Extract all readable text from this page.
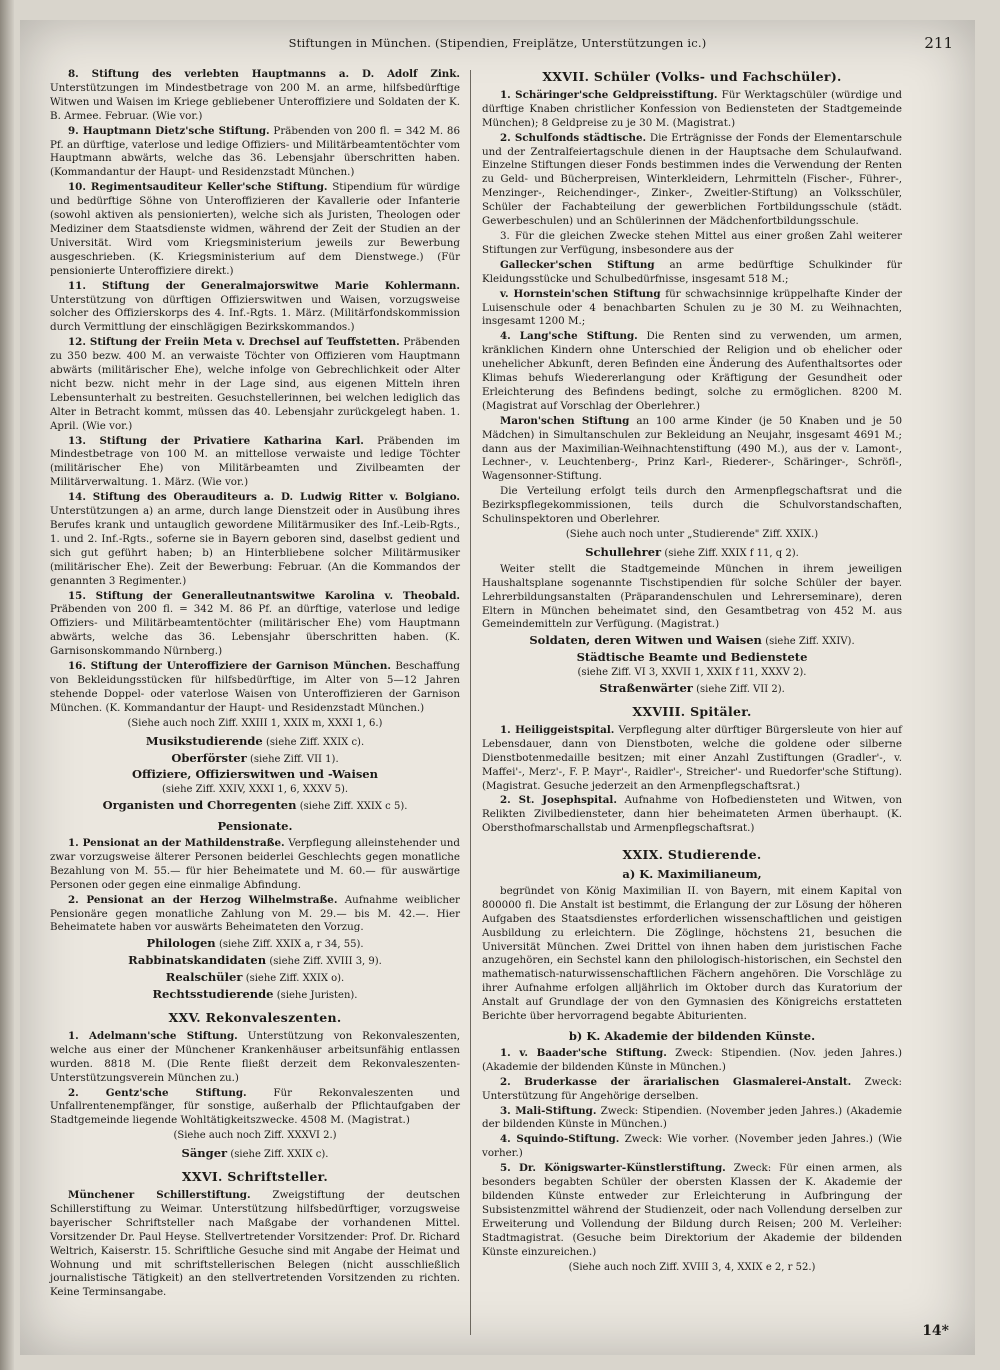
Stiftungen in München. (Stipendien, Freiplätze, Unterstützungen ic.)	211

8. Stiftung des verlebten Hauptmanns a. D. Adolf Zink. Unterstützungen im Mindestbetrage von 200 M. an arme, hilfsbedürftige Witwen und Waisen im Kriege gebliebener Unteroffiziere und Soldaten der K. B. Armee. Februar. (Wie vor.)

9. Hauptmann Dietz'sche Stiftung. Präbenden von 200 fl. = 342 M. 86 Pf. an dürftige, vaterlose und ledige Offiziers- und Militärbeamtentöchter vom Hauptmann abwärts, welche das 36. Lebensjahr überschritten haben. (Kommandantur der Haupt- und Residenzstadt München.)

10. Regimentsauditeur Keller'sche Stiftung. Stipendium für würdige und bedürftige Söhne von Unteroffizieren der Kavallerie oder Infanterie (sowohl aktiven als pensionierten), welche sich als Juristen, Theologen oder Mediziner dem Staatsdienste widmen, während der Zeit der Studien an der Universität. Wird vom Kriegsministerium jeweils zur Bewerbung ausgeschrieben. (K. Kriegsministerium auf dem Dienstwege.) (Für pensionierte Unteroffiziere direkt.)

11. Stiftung der Generalmajorswitwe Marie Kohlermann. Unterstützung von dürftigen Offizierswitwen und Waisen, vorzugsweise solcher des Offizierskorps des 4. Inf.-Rgts. 1. März. (Militärfondskommission durch Vermittlung der einschlägigen Bezirkskommandos.)

12. Stiftung der Freiin Meta v. Drechsel auf Teuffstetten. Präbenden zu 350 bezw. 400 M. an verwaiste Töchter von Offizieren vom Hauptmann abwärts (militärischer Ehe), welche infolge von Gebrechlichkeit oder Alter nicht bezw. nicht mehr in der Lage sind, aus eigenen Mitteln ihren Lebensunterhalt zu bestreiten. Gesuchstellerinnen, bei welchen lediglich das Alter in Betracht kommt, müssen das 40. Lebensjahr zurückgelegt haben. 1. April. (Wie vor.)

13. Stiftung der Privatiere Katharina Karl. Präbenden im Mindestbetrage von 100 M. an mittellose verwaiste und ledige Töchter (militärischer Ehe) von Militärbeamten und Zivilbeamten der Militärverwaltung. 1. März. (Wie vor.)

14. Stiftung des Oberauditeurs a. D. Ludwig Ritter v. Bolgiano. Unterstützungen a) an arme, durch lange Dienstzeit oder in Ausübung ihres Berufes krank und untauglich gewordene Militärmusiker des Inf.-Leib-Rgts., 1. und 2. Inf.-Rgts., soferne sie in Bayern geboren sind, daselbst gedient und sich gut geführt haben; b) an Hinterbliebene solcher Militärmusiker (militärischer Ehe). Zeit der Bewerbung: Februar. (An die Kommandos der genannten 3 Regimenter.)

15. Stiftung der Generalleutnantswitwe Karolina v. Theobald. Präbenden von 200 fl. = 342 M. 86 Pf. an dürftige, vaterlose und ledige Offiziers- und Militärbeamtentöchter (militärischer Ehe) vom Hauptmann abwärts, welche das 36. Lebensjahr überschritten haben. (K. Garnisonskommando Nürnberg.)

16. Stiftung der Unteroffiziere der Garnison München. Beschaffung von Bekleidungsstücken für hilfsbedürftige, im Alter von 5—12 Jahren stehende Doppel- oder vaterlose Waisen von Unteroffizieren der Garnison München. (K. Kommandantur der Haupt- und Residenzstadt München.)

(Siehe auch noch Ziff. XXIII 1, XXIX m, XXXI 1, 6.)
Musikstudierende (siehe Ziff. XXIX c).
Oberförster (siehe Ziff. VII 1).
Offiziere, Offizierswitwen und -Waisen
(siehe Ziff. XXIV, XXXI 1, 6, XXXV 5).
Organisten und Chorregenten (siehe Ziff. XXIX c 5).
Pensionate.

1. Pensionat an der Mathildenstraße. Verpflegung alleinstehender und zwar vorzugsweise älterer Personen beiderlei Geschlechts gegen monatliche Bezahlung von M. 55.— für hier Beheimatete und M. 60.— für auswärtige Personen oder gegen eine einmalige Abfindung.

2. Pensionat an der Herzog Wilhelmstraße. Aufnahme weiblicher Pensionäre gegen monatliche Zahlung von M. 29.— bis M. 42.—. Hier Beheimatete haben vor auswärts Beheimateten den Vorzug.

Philologen (siehe Ziff. XXIX a, r 34, 55).
Rabbinatskandidaten (siehe Ziff. XVIII 3, 9).
Realschüler (siehe Ziff. XXIX o).
Rechtsstudierende (siehe Juristen).
XXV. Rekonvaleszenten.

1. Adelmann'sche Stiftung. Unterstützung von Rekonvaleszenten, welche aus einer der Münchener Krankenhäuser arbeitsunfähig entlassen wurden. 8818 M. (Die Rente fließt derzeit dem Rekonvaleszenten-Unterstützungsverein München zu.)

2. Gentz'sche Stiftung.	Für Rekonvaleszenten und Unfallrentenempfänger, für sonstige, außerhalb der Pflichtaufgaben der Stadtgemeinde liegende Wohltätigkeitszwecke. 4508 M. (Magistrat.)

(Siehe auch noch Ziff. XXXVI 2.)
Sänger (siehe Ziff. XXIX c).
XXVI. Schriftsteller.

Münchener Schillerstiftung. Zweigstiftung der deutschen Schillerstiftung zu Weimar. Unterstützung hilfsbedürftiger, vorzugsweise bayerischer Schriftsteller nach Maßgabe der vorhandenen Mittel. Vorsitzender Dr. Paul Heyse. Stellvertretender Vorsitzender: Prof. Dr. Richard Weltrich, Kaiserstr. 15. Schriftliche Gesuche sind mit Angabe der Heimat und Wohnung und mit schriftstellerischen Belegen (nicht ausschließlich journalistische Tätigkeit) an den stellvertretenden Vorsitzenden zu richten. Keine Terminsangabe.

XXVII. Schüler (Volks- und Fachschüler).

1. Schäringer'sche Geldpreisstiftung. Für Werktagschüler (würdige und dürftige Knaben christlicher Konfession von Bediensteten der Stadtgemeinde München); 8 Geldpreise zu je 30 M. (Magistrat.)

2. Schulfonds städtische. Die Erträgnisse der Fonds der Elementarschule und der Zentralfeiertagschule dienen in der Hauptsache dem Schulaufwand. Einzelne Stiftungen dieser Fonds bestimmen indes die Verwendung der Renten zu Geld- und Bücherpreisen, Winterkleidern, Lehrmitteln (Fischer-, Führer-, Menzinger-, Reichendinger-, Zinker-, Zweitler-Stiftung) an Volksschüler, Schüler der Fachabteilung der gewerblichen Fortbildungsschule (städt. Gewerbeschulen) und an Schülerinnen der Mädchenfortbildungsschule.

3. Für die gleichen Zwecke stehen Mittel aus einer großen Zahl weiterer Stiftungen zur Verfügung, insbesondere aus der

Gallecker'schen Stiftung an arme bedürftige Schulkinder für Kleidungsstücke und Schulbedürfnisse, insgesamt 518 M.;

v. Hornstein'schen Stiftung für schwachsinnige krüppelhafte Kinder der Luisenschule oder 4 benachbarten Schulen zu je 30 M. zu Weihnachten, insgesamt 1200 M.;

4. Lang'sche Stiftung. Die Renten sind zu verwenden, um armen, kränklichen Kindern ohne Unterschied der Religion und ob ehelicher oder unehelicher Abkunft, deren Befinden eine Änderung des Aufenthaltsortes oder Klimas behufs Wiedererlangung oder Kräftigung der Gesundheit oder Erleichterung des Befindens bedingt, solche zu ermöglichen. 8200 M. (Magistrat auf Vorschlag der Oberlehrer.)

Maron'schen Stiftung an 100 arme Kinder (je 50 Knaben und je 50 Mädchen) in Simultanschulen zur Bekleidung an Neujahr, insgesamt 4691 M.; dann aus der Maximilian-Weihnachtenstiftung (490 M.), aus der v. Lamont-, Lechner-, v. Leuchtenberg-, Prinz Karl-, Riederer-, Schäringer-, Schröfl-, Wagensonner-Stiftung.

Die Verteilung erfolgt teils durch den Armenpflegschaftsrat und die Bezirkspflegekommissionen, teils durch die Schulvorstandschaften, Schulinspektoren und Oberlehrer.

(Siehe auch noch unter „Studierende" Ziff. XXIX.)
Schullehrer (siehe Ziff. XXIX f 11, q 2).

Weiter stellt die Stadtgemeinde München in ihrem jeweiligen Haushaltsplane sogenannte Tischstipendien für solche Schüler der bayer. Lehrerbildungsanstalten (Präparandenschulen und Lehrerseminare), deren Eltern in München beheimatet sind, den Gesamtbetrag von 452 M. aus Gemeindemitteln zur Verfügung. (Magistrat.)

Soldaten, deren Witwen und Waisen (siehe Ziff. XXIV).
Städtische Beamte und Bedienstete
(siehe Ziff. VI 3, XXVII 1, XXIX f 11, XXXV 2).
Straßenwärter (siehe Ziff. VII 2).
XXVIII. Spitäler.

1. Heiliggeistspital. Verpflegung alter dürftiger Bürgersleute von hier auf Lebensdauer, dann von Dienstboten, welche die goldene oder silberne Dienstbotenmedaille besitzen; mit einer Anzahl Zustiftungen (Gradler'-, v. Maffei'-, Merz'-, F. P. Mayr'-, Raidler'-, Streicher'- und Ruedorfer'sche Stiftung). (Magistrat. Gesuche jederzeit an den Armenpflegschaftsrat.)

2. St. Josephspital. Aufnahme von Hofbediensteten und Witwen, von Relikten Zivilbediensteter, dann hier beheimateten Armen überhaupt. (K. Obersthofmarschallstab und Armenpflegschaftsrat.)

XXIX. Studierende.
a) K. Maximilianeum,

begründet von König Maximilian II. von Bayern, mit einem Kapital von 800000 fl. Die Anstalt ist bestimmt, die Erlangung der zur Lösung der höheren Aufgaben des Staatsdienstes erforderlichen wissenschaftlichen und geistigen Ausbildung zu erleichtern. Die Zöglinge, höchstens 21, besuchen die Universität München. Zwei Drittel von ihnen haben dem juristischen Fache anzugehören, ein Sechstel kann den philologisch-historischen, ein Sechstel den mathematisch-naturwissenschaftlichen Fächern angehören. Die Vorschläge zu ihrer Aufnahme erfolgen alljährlich im Oktober durch das Kuratorium der Anstalt auf Grundlage der von den Gymnasien des Königreichs erstatteten Berichte über hervorragend begabte Abiturienten.

b) K. Akademie der bildenden Künste.

1. v. Baader'sche Stiftung. Zweck: Stipendien. (Nov. jeden Jahres.) (Akademie der bildenden Künste in München.)

2. Bruderkasse der ärarialischen Glasmalerei-Anstalt. Zweck: Unterstützung für Angehörige derselben.

3. Mali-Stiftung. Zweck: Stipendien. (November jeden Jahres.) (Akademie der bildenden Künste in München.)

4. Squindo-Stiftung. Zweck: Wie vorher. (November jeden Jahres.) (Wie vorher.)

5. Dr. Königswarter-Künstlerstiftung. Zweck: Für einen armen, als besonders begabten Schüler der obersten Klassen der K. Akademie der bildenden Künste entweder zur Erleichterung in Aufbringung der Subsistenzmittel während der Studienzeit, oder nach Vollendung derselben zur Erweiterung und Vollendung der Bildung durch Reisen; 200 M. Verleiher: Stadtmagistrat. (Gesuche beim Direktorium der Akademie der bildenden Künste einzureichen.)

(Siehe auch noch Ziff. XVIII 3, 4, XXIX e 2, r 52.)
14*
